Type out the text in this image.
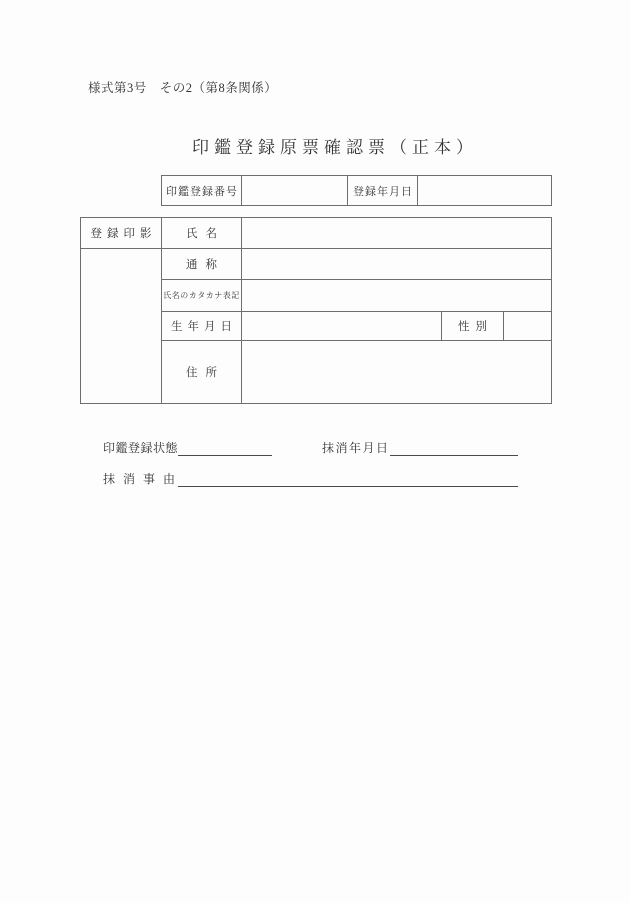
様式第3号　その2（第8条関係）
印鑑登録原票確認票（正本）
印鑑登録番号	登録年月日
登録印影	氏名
通称
氏名のカタカナ表記
生年月日	性別
住所
印鑑登録状態	抹消年月日
抹消事由
